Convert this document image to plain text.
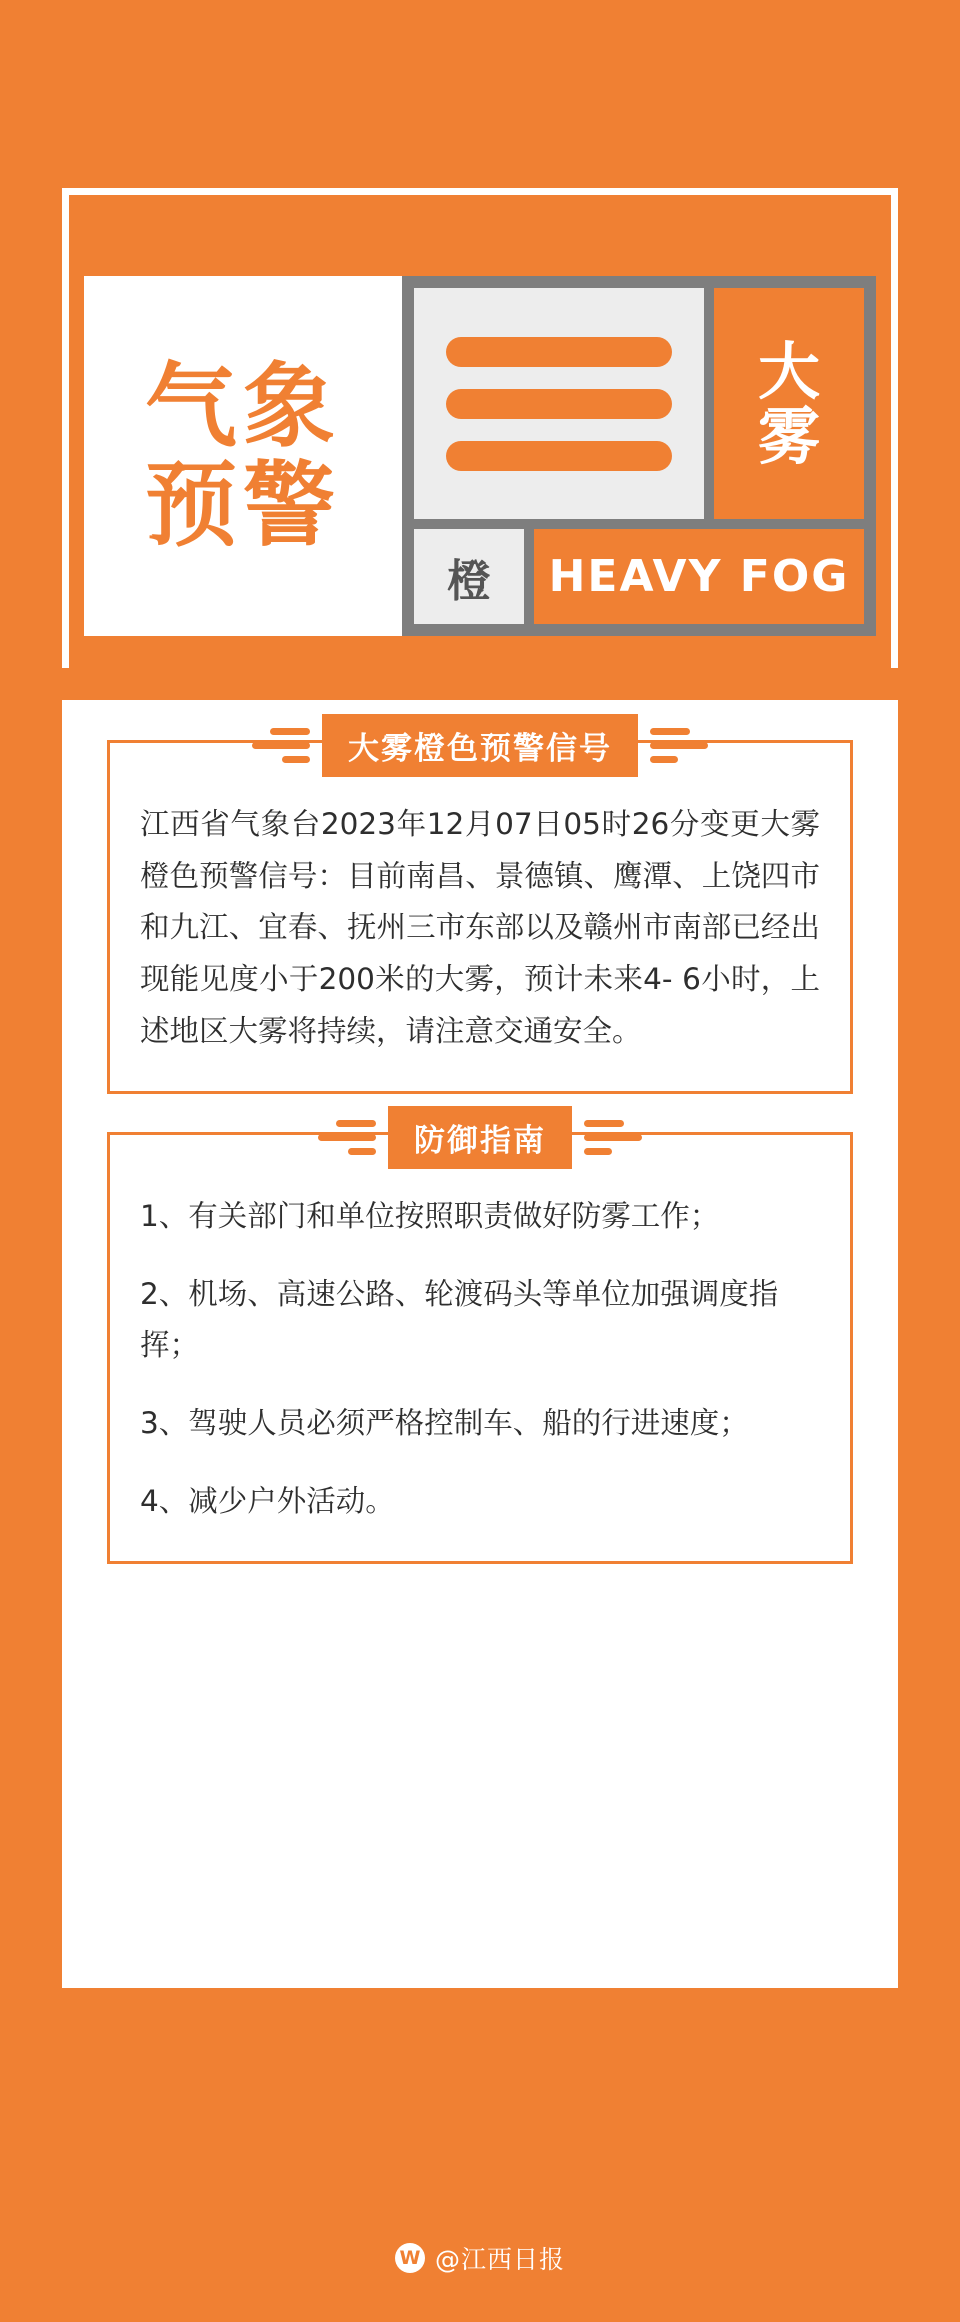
气象
预警
大
雾
橙	HEAVY FOG
大雾橙色预警信号
江西省气象台2023年12月07日05时26分变更大雾橙色预警信号：目前南昌、景德镇、鹰潭、上饶四市和九江、宜春、抚州三市东部以及赣州市南部已经出现能见度小于200米的大雾，预计未来4- 6小时，上述地区大雾将持续，请注意交通安全。
防御指南
1、有关部门和单位按照职责做好防雾工作；
2、机场、高速公路、轮渡码头等单位加强调度指挥；
3、驾驶人员必须严格控制车、船的行进速度；
4、减少户外活动。
W @江西日报
